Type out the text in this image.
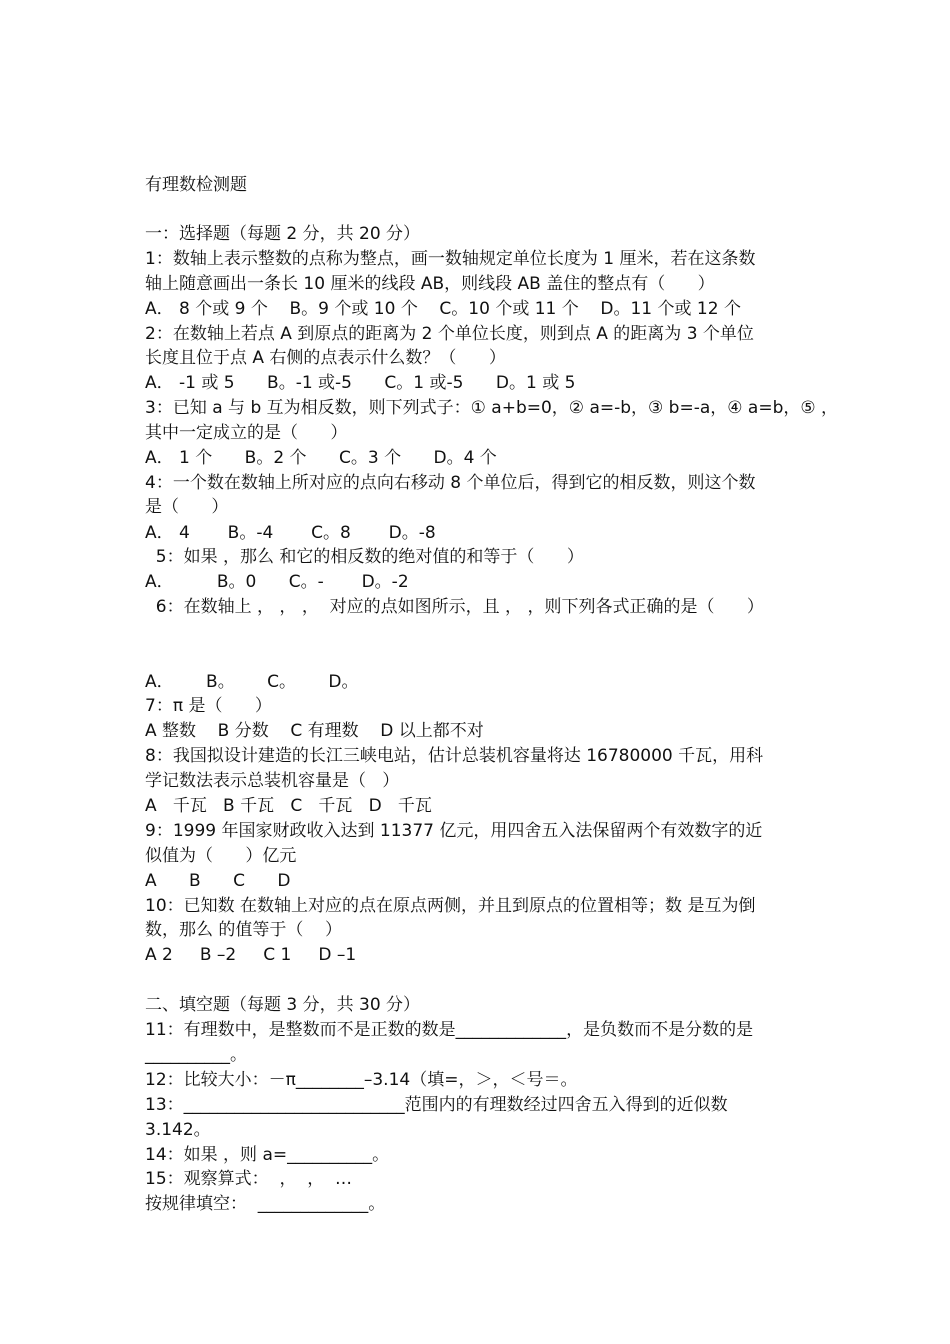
有理数检测题
一：选择题（每题 2 分，共 20 分）
1：数轴上表示整数的点称为整点，画一数轴规定单位长度为 1 厘米，若在这条数
轴上随意画出一条长 10 厘米的线段 AB，则线段 AB 盖住的整点有（      ）
A． 8 个或 9 个    B。9 个或 10 个    C。10 个或 11 个    D。11 个或 12 个
2：在数轴上若点 A 到原点的距离为 2 个单位长度，则到点 A 的距离为 3 个单位
长度且位于点 A 右侧的点表示什么数？（      ）
A． -1 或 5      B。-1 或-5      C。1 或-5      D。1 或 5
3：已知 a 与 b 互为相反数，则下列式子：① a+b=0，② a=-b，③ b=-a，④ a=b，⑤ ，
其中一定成立的是（      ）
A． 1 个      B。2 个      C。3 个      D。4 个
4：一个数在数轴上所对应的点向右移动 8 个单位后，得到它的相反数，则这个数
是（      ）
A． 4       B。-4       C。8       D。-8
5：如果 ，那么 和它的相反数的绝对值的和等于（      ）
A．        B。0      C。-       D。-2
6：在数轴上 ， ， ，  对应的点如图所示，且 ， ，则下列各式正确的是（      ）
A．      B。      C。      D。
7：π 是（      ）
A 整数    B 分数    C 有理数    D 以上都不对
8：我国拟设计建造的长江三峡电站，估计总装机容量将达 16780000 千瓦，用科
学记数法表示总装机容量是（   ）
A   千瓦   B 千瓦   C   千瓦   D   千瓦
9：1999 年国家财政收入达到 11377 亿元，用四舍五入法保留两个有效数字的近
似值为（      ）亿元
A      B      C      D
10：已知数 在数轴上对应的点在原点两侧，并且到原点的位置相等；数 是互为倒
数，那么 的值等于（    ）
A 2     B –2     C 1     D –1
二、填空题（每题 3 分，共 30 分）
11：有理数中，是整数而不是正数的数是_____________，是负数而不是分数的是
__________。
12：比较大小：－π________–3.14（填=，＞，＜号＝。
13：__________________________范围内的有理数经过四舍五入得到的近似数
3.142。
14：如果 ，则 a=__________。
15：观察算式：  ，  ，  …
按规律填空：  _____________。
